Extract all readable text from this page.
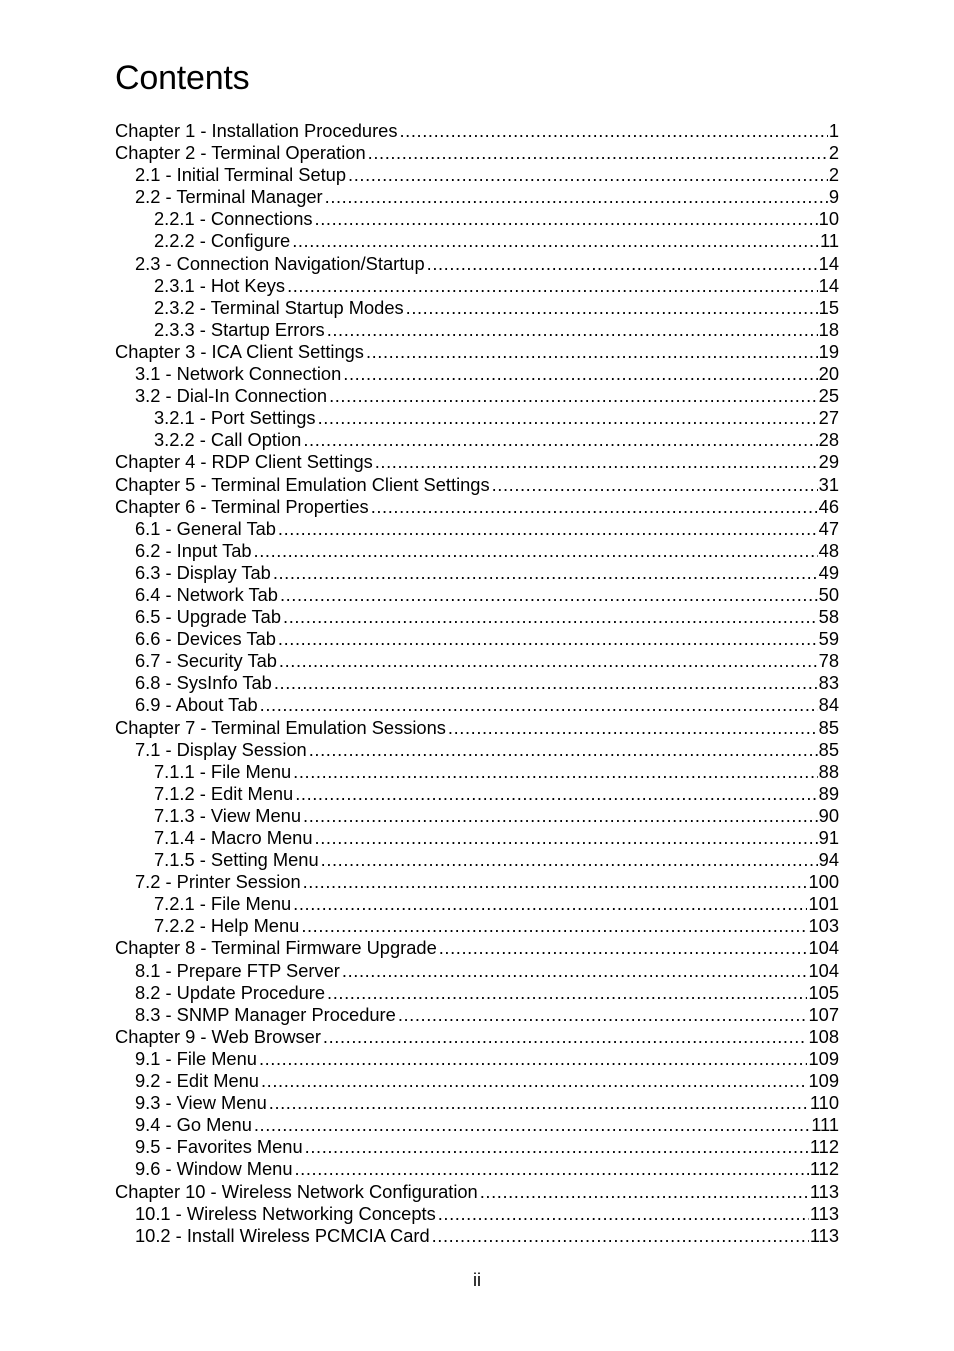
Contents
Chapter 1 - Installation Procedures .....	1
Chapter 2 - Terminal Operation .....	2
2.1 - Initial Terminal Setup .....	2
2.2 - Terminal Manager .....	9
2.2.1 - Connections .....	10
2.2.2 - Configure .....	11
2.3 - Connection Navigation/Startup .....	14
2.3.1 - Hot Keys .....	14
2.3.2 - Terminal Startup Modes .....	15
2.3.3 - Startup Errors .....	18
Chapter 3 - ICA Client Settings .....	19
3.1 - Network Connection .....	20
3.2 - Dial-In Connection .....	25
3.2.1 - Port Settings .....	27
3.2.2 - Call Option .....	28
Chapter 4 - RDP Client Settings .....	29
Chapter 5 - Terminal Emulation Client Settings .....	31
Chapter 6 - Terminal Properties .....	46
6.1 - General Tab .....	47
6.2 - Input Tab .....	48
6.3 - Display Tab .....	49
6.4 - Network Tab .....	50
6.5 - Upgrade Tab .....	58
6.6 - Devices Tab .....	59
6.7 - Security Tab .....	78
6.8 - SysInfo Tab .....	83
6.9 - About Tab .....	84
Chapter 7 - Terminal Emulation Sessions .....	85
7.1 - Display Session .....	85
7.1.1 - File Menu .....	88
7.1.2 - Edit Menu .....	89
7.1.3 - View Menu .....	90
7.1.4 - Macro Menu .....	91
7.1.5 - Setting Menu .....	94
7.2 - Printer Session .....	100
7.2.1 - File Menu .....	101
7.2.2 - Help Menu .....	103
Chapter 8 - Terminal Firmware Upgrade .....	104
8.1 - Prepare FTP Server .....	104
8.2 - Update Procedure .....	105
8.3 - SNMP Manager Procedure .....	107
Chapter 9 - Web Browser .....	108
9.1 - File Menu .....	109
9.2 - Edit Menu .....	109
9.3 - View Menu .....	110
9.4 - Go Menu .....	111
9.5 - Favorites Menu .....	112
9.6 - Window Menu .....	112
Chapter 10 - Wireless Network Configuration .....	113
10.1 - Wireless Networking Concepts .....	113
10.2 - Install Wireless PCMCIA Card .....	113
ii
